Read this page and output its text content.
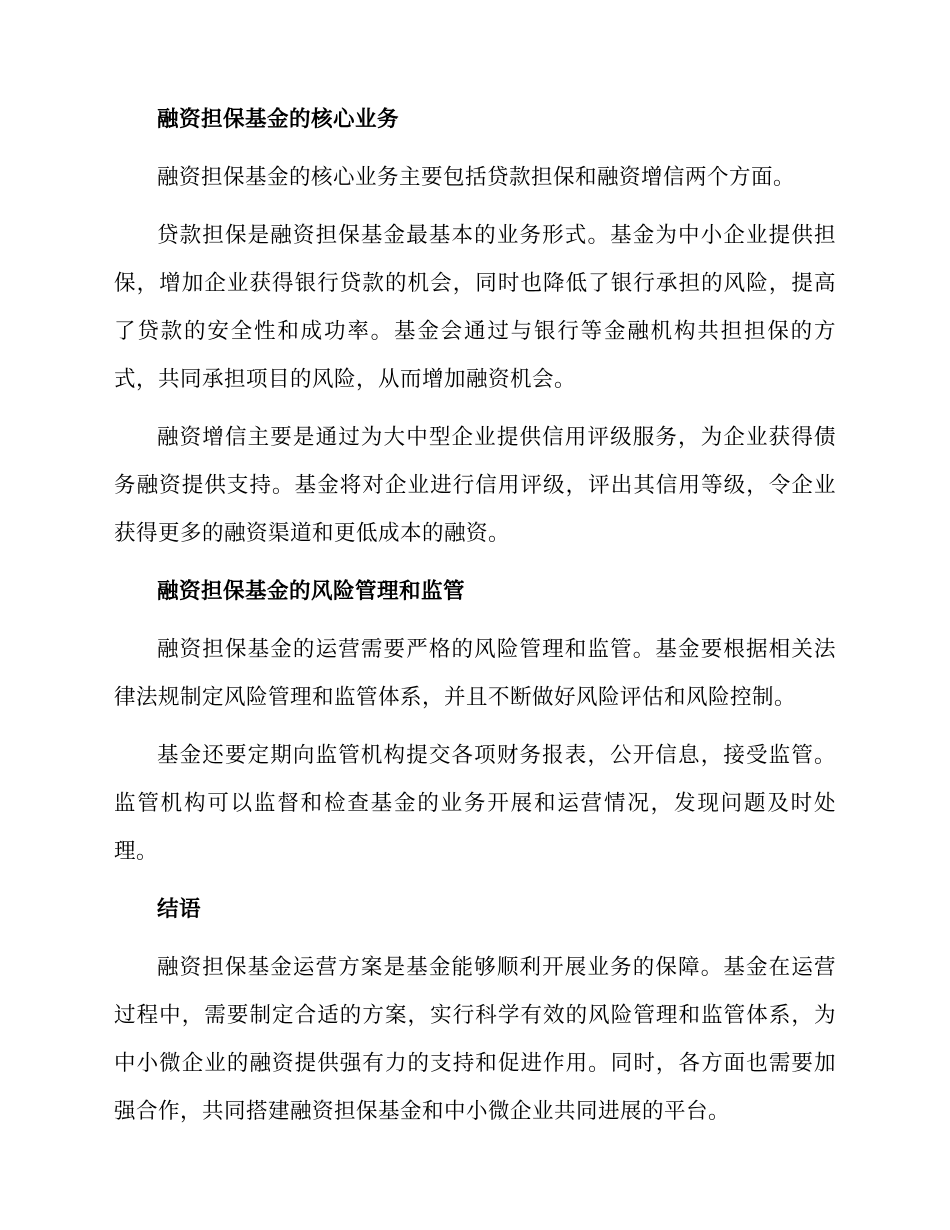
融资担保基金的核心业务

融资担保基金的核心业务主要包括贷款担保和融资增信两个方面。

贷款担保是融资担保基金最基本的业务形式。基金为中小企业提供担保，增加企业获得银行贷款的机会，同时也降低了银行承担的风险，提高了贷款的安全性和成功率。基金会通过与银行等金融机构共担担保的方式，共同承担项目的风险，从而增加融资机会。

融资增信主要是通过为大中型企业提供信用评级服务，为企业获得债务融资提供支持。基金将对企业进行信用评级，评出其信用等级，令企业获得更多的融资渠道和更低成本的融资。

融资担保基金的风险管理和监管

融资担保基金的运营需要严格的风险管理和监管。基金要根据相关法律法规制定风险管理和监管体系，并且不断做好风险评估和风险控制。

基金还要定期向监管机构提交各项财务报表，公开信息，接受监管。监管机构可以监督和检查基金的业务开展和运营情况，发现问题及时处理。

结语

融资担保基金运营方案是基金能够顺利开展业务的保障。基金在运营过程中，需要制定合适的方案，实行科学有效的风险管理和监管体系，为中小微企业的融资提供强有力的支持和促进作用。同时，各方面也需要加强合作，共同搭建融资担保基金和中小微企业共同进展的平台。
